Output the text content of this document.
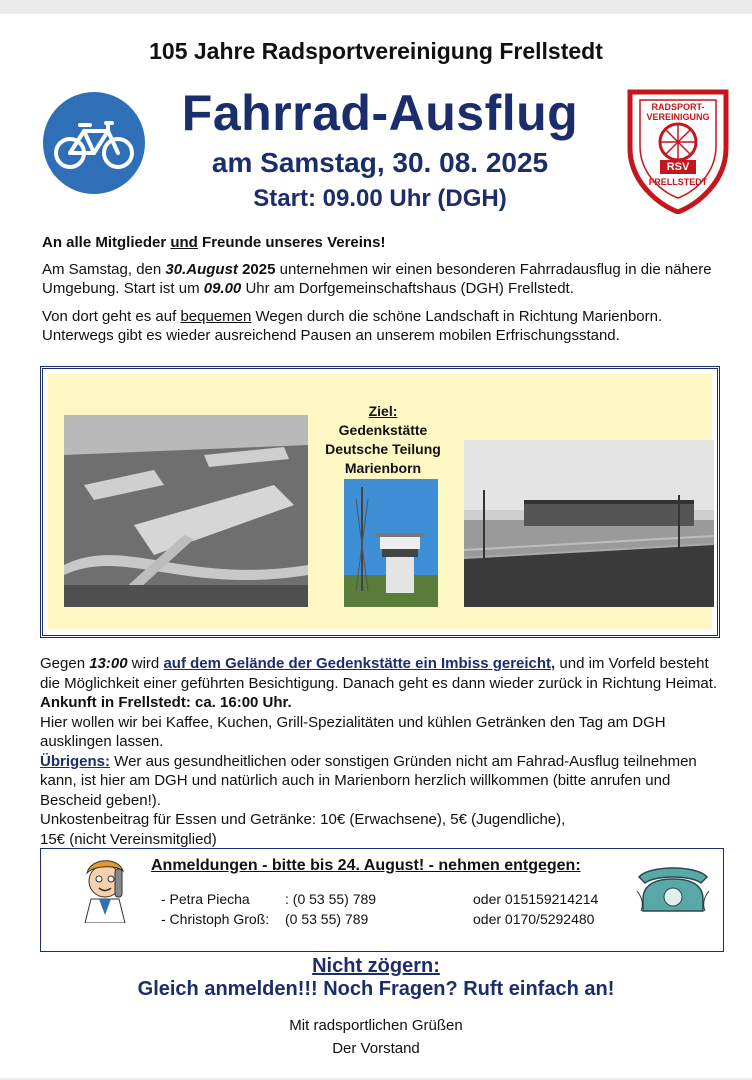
105 Jahre Radsportvereinigung Frellstedt
Fahrrad-Ausflug
am Samstag, 30. 08. 2025
Start: 09.00 Uhr (DGH)
RADSPORT-VEREINIGUNG
RSV
FRELLSTEDT
An alle Mitglieder und Freunde unseres Vereins!
Am Samstag, den 30.August 2025 unternehmen wir einen besonderen Fahrradausflug in die nähere Umgebung. Start ist um 09.00 Uhr am Dorfgemeinschaftshaus (DGH) Frellstedt.
Von dort geht es auf bequemen Wegen durch die schöne Landschaft in Richtung Marienborn. Unterwegs gibt es wieder ausreichend Pausen an unserem mobilen Erfrischungsstand.
Ziel:
Gedenkstätte
Deutsche Teilung
Marienborn
Gegen 13:00 wird auf dem Gelände der Gedenkstätte ein Imbiss gereicht, und im Vorfeld besteht die Möglichkeit einer geführten Besichtigung. Danach geht es dann wieder zurück in Richtung Heimat. Ankunft in Frellstedt: ca. 16:00 Uhr.
Hier wollen wir bei Kaffee, Kuchen, Grill-Spezialitäten und kühlen Getränken den Tag am DGH ausklingen lassen.
Übrigens: Wer aus gesundheitlichen oder sonstigen Gründen nicht am Fahrad-Ausflug teilnehmen kann, ist hier am DGH und natürlich auch in Marienborn herzlich willkommen (bitte anrufen und Bescheid geben!).
Unkostenbeitrag für Essen und Getränke: 10€ (Erwachsene), 5€ (Jugendliche),
15€ (nicht Vereinsmitglied)
Anmeldungen - bitte bis 24. August! - nehmen entgegen:
- Petra Piecha	: (0 53 55) 789	oder 015159214214
- Christoph Groß: (0 53 55) 789	oder 0170/5292480
Nicht zögern:
Gleich anmelden!!! Noch Fragen? Ruft einfach an!
Mit radsportlichen Grüßen
Der Vorstand
